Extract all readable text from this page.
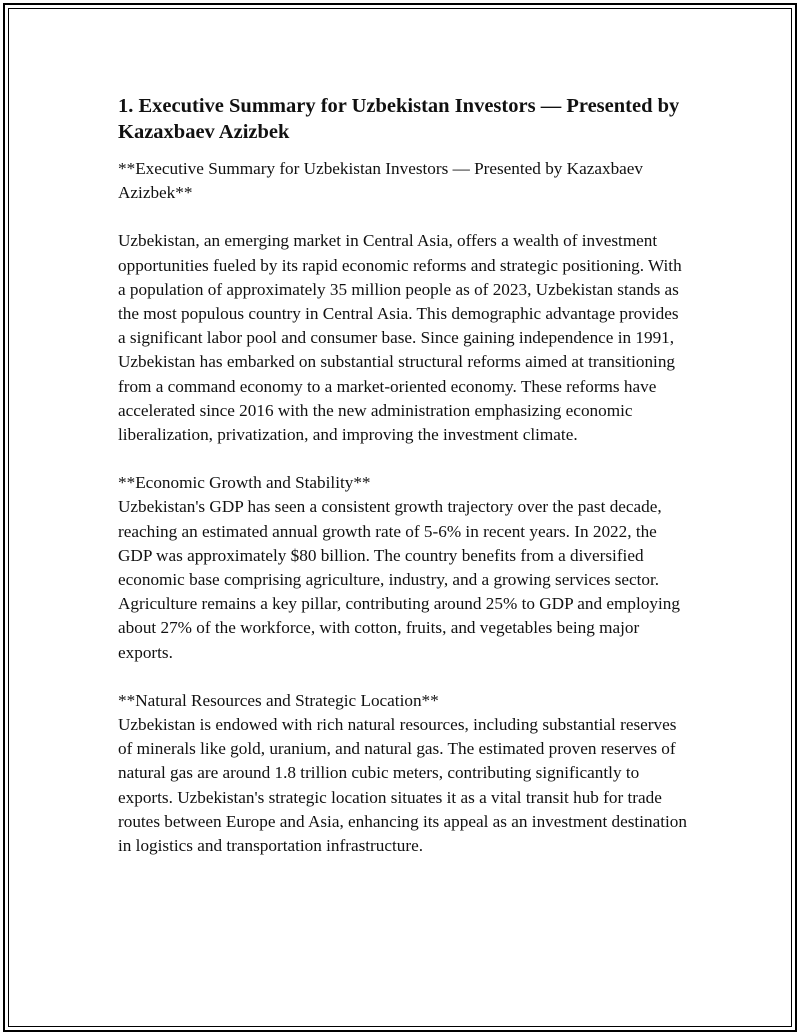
1. Executive Summary for Uzbekistan Investors — Presented by Kazaxbaev Azizbek

**Executive Summary for Uzbekistan Investors — Presented by Kazaxbaev Azizbek**

Uzbekistan, an emerging market in Central Asia, offers a wealth of investment opportunities fueled by its rapid economic reforms and strategic positioning. With a population of approximately 35 million people as of 2023, Uzbekistan stands as the most populous country in Central Asia. This demographic advantage provides a significant labor pool and consumer base. Since gaining independence in 1991, Uzbekistan has embarked on substantial structural reforms aimed at transitioning from a command economy to a market-oriented economy. These reforms have accelerated since 2016 with the new administration emphasizing economic liberalization, privatization, and improving the investment climate.

**Economic Growth and Stability**

Uzbekistan's GDP has seen a consistent growth trajectory over the past decade, reaching an estimated annual growth rate of 5-6% in recent years. In 2022, the GDP was approximately $80 billion. The country benefits from a diversified economic base comprising agriculture, industry, and a growing services sector. Agriculture remains a key pillar, contributing around 25% to GDP and employing about 27% of the workforce, with cotton, fruits, and vegetables being major exports.

**Natural Resources and Strategic Location**

Uzbekistan is endowed with rich natural resources, including substantial reserves of minerals like gold, uranium, and natural gas. The estimated proven reserves of natural gas are around 1.8 trillion cubic meters, contributing significantly to exports. Uzbekistan's strategic location situates it as a vital transit hub for trade routes between Europe and Asia, enhancing its appeal as an investment destination in logistics and transportation infrastructure.
